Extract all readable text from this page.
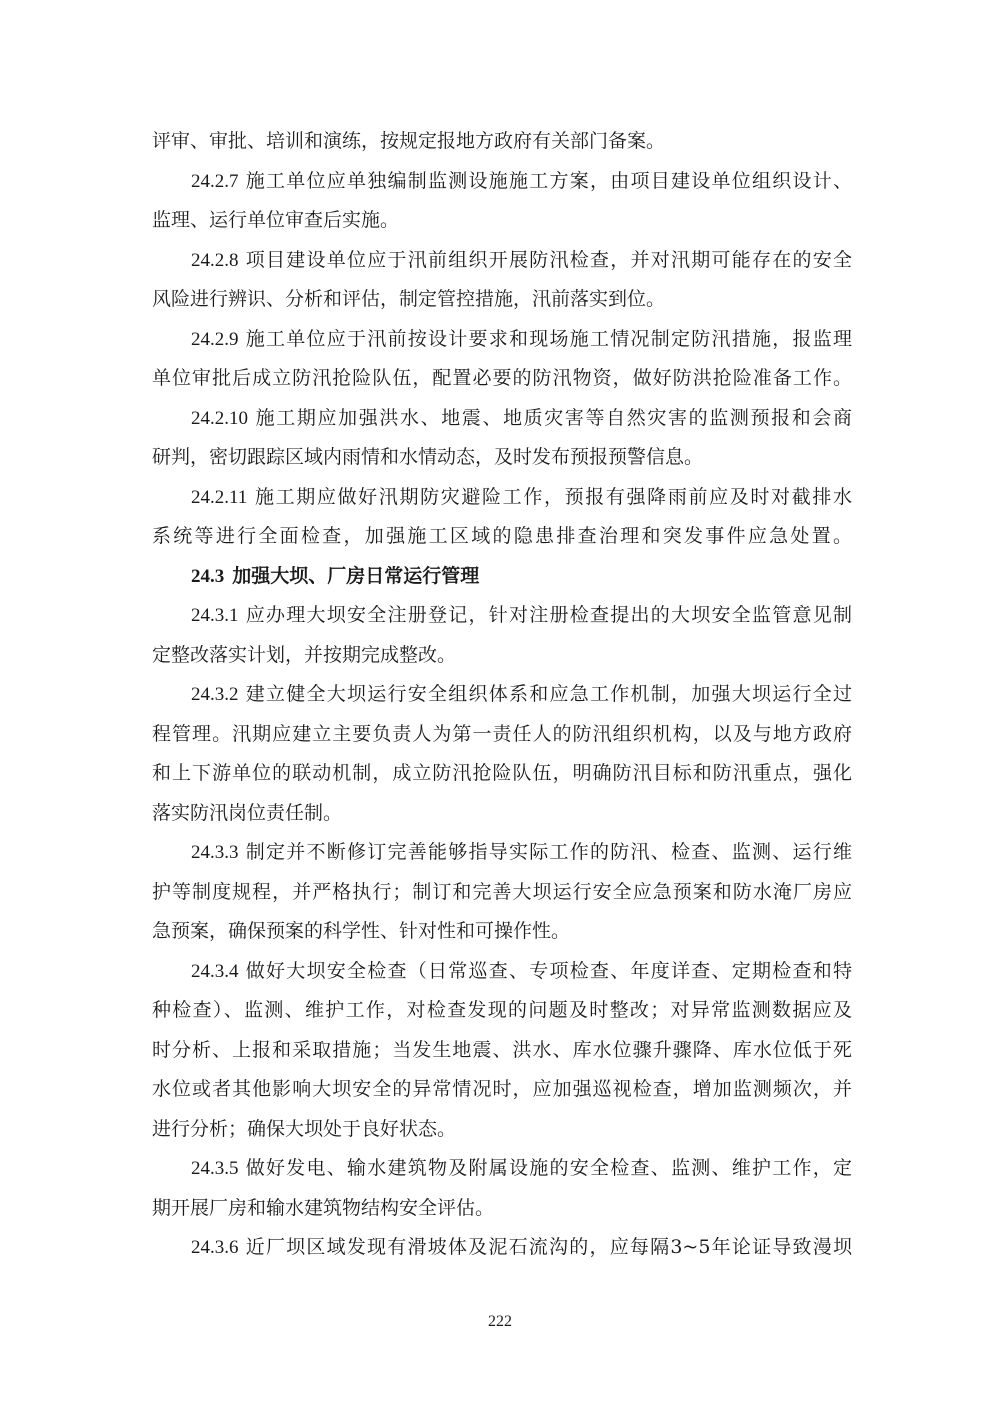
评审、审批、培训和演练，按规定报地方政府有关部门备案。
24.2.7 施工单位应单独编制监测设施施工方案，由项目建设单位组织设计、
监理、运行单位审查后实施。
24.2.8 项目建设单位应于汛前组织开展防汛检查，并对汛期可能存在的安全
风险进行辨识、分析和评估，制定管控措施，汛前落实到位。
24.2.9 施工单位应于汛前按设计要求和现场施工情况制定防汛措施，报监理
单位审批后成立防汛抢险队伍，配置必要的防汛物资，做好防洪抢险准备工作。
24.2.10 施工期应加强洪水、地震、地质灾害等自然灾害的监测预报和会商
研判，密切跟踪区域内雨情和水情动态，及时发布预报预警信息。
24.2.11 施工期应做好汛期防灾避险工作，预报有强降雨前应及时对截排水
系统等进行全面检查，加强施工区域的隐患排查治理和突发事件应急处置。
24.3 加强大坝、厂房日常运行管理
24.3.1 应办理大坝安全注册登记，针对注册检查提出的大坝安全监管意见制
定整改落实计划，并按期完成整改。
24.3.2 建立健全大坝运行安全组织体系和应急工作机制，加强大坝运行全过
程管理。汛期应建立主要负责人为第一责任人的防汛组织机构，以及与地方政府
和上下游单位的联动机制，成立防汛抢险队伍，明确防汛目标和防汛重点，强化
落实防汛岗位责任制。
24.3.3 制定并不断修订完善能够指导实际工作的防汛、检查、监测、运行维
护等制度规程，并严格执行；制订和完善大坝运行安全应急预案和防水淹厂房应
急预案，确保预案的科学性、针对性和可操作性。
24.3.4 做好大坝安全检查（日常巡查、专项检查、年度详查、定期检查和特
种检查）、监测、维护工作，对检查发现的问题及时整改；对异常监测数据应及
时分析、上报和采取措施；当发生地震、洪水、库水位骤升骤降、库水位低于死
水位或者其他影响大坝安全的异常情况时，应加强巡视检查，增加监测频次，并
进行分析；确保大坝处于良好状态。
24.3.5 做好发电、输水建筑物及附属设施的安全检查、监测、维护工作，定
期开展厂房和输水建筑物结构安全评估。
24.3.6 近厂坝区域发现有滑坡体及泥石流沟的，应每隔3~5年论证导致漫坝
222
